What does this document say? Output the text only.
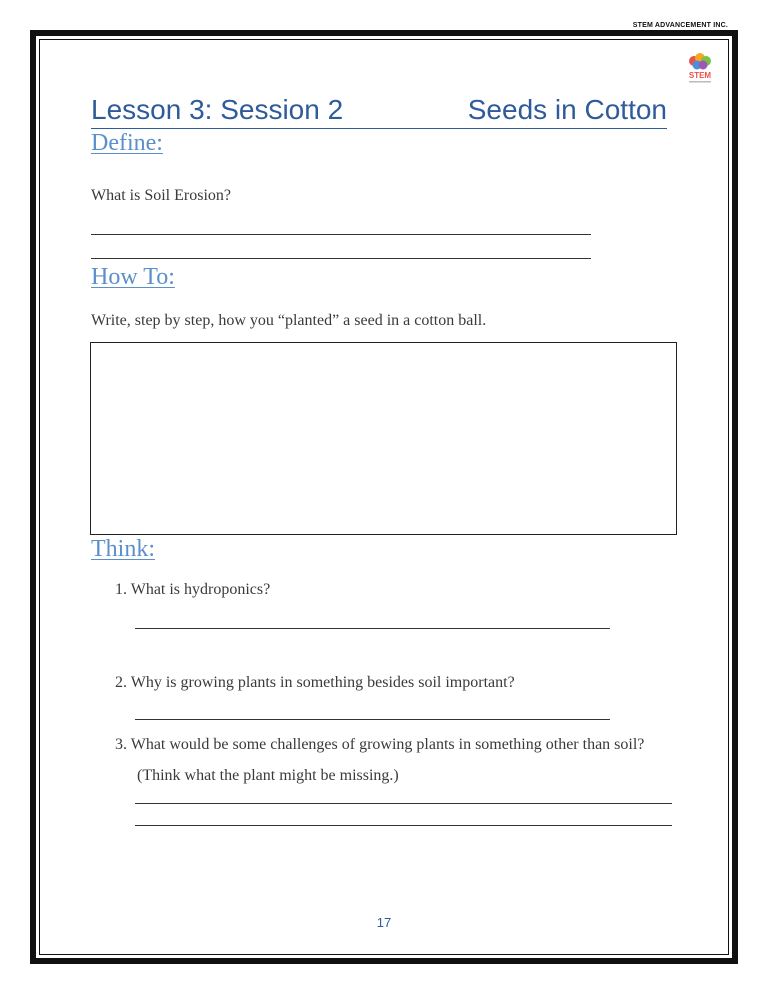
STEM ADVANCEMENT INC.
STEM
Lesson 3: Session 2	Seeds in Cotton
Define:
What is Soil Erosion?
How To:
Write, step by step, how you “planted” a seed in a cotton ball.
Think:
1. What is hydroponics?
2. Why is growing plants in something besides soil important?
3. What would be some challenges of growing plants in something other than soil?
(Think what the plant might be missing.)
17
